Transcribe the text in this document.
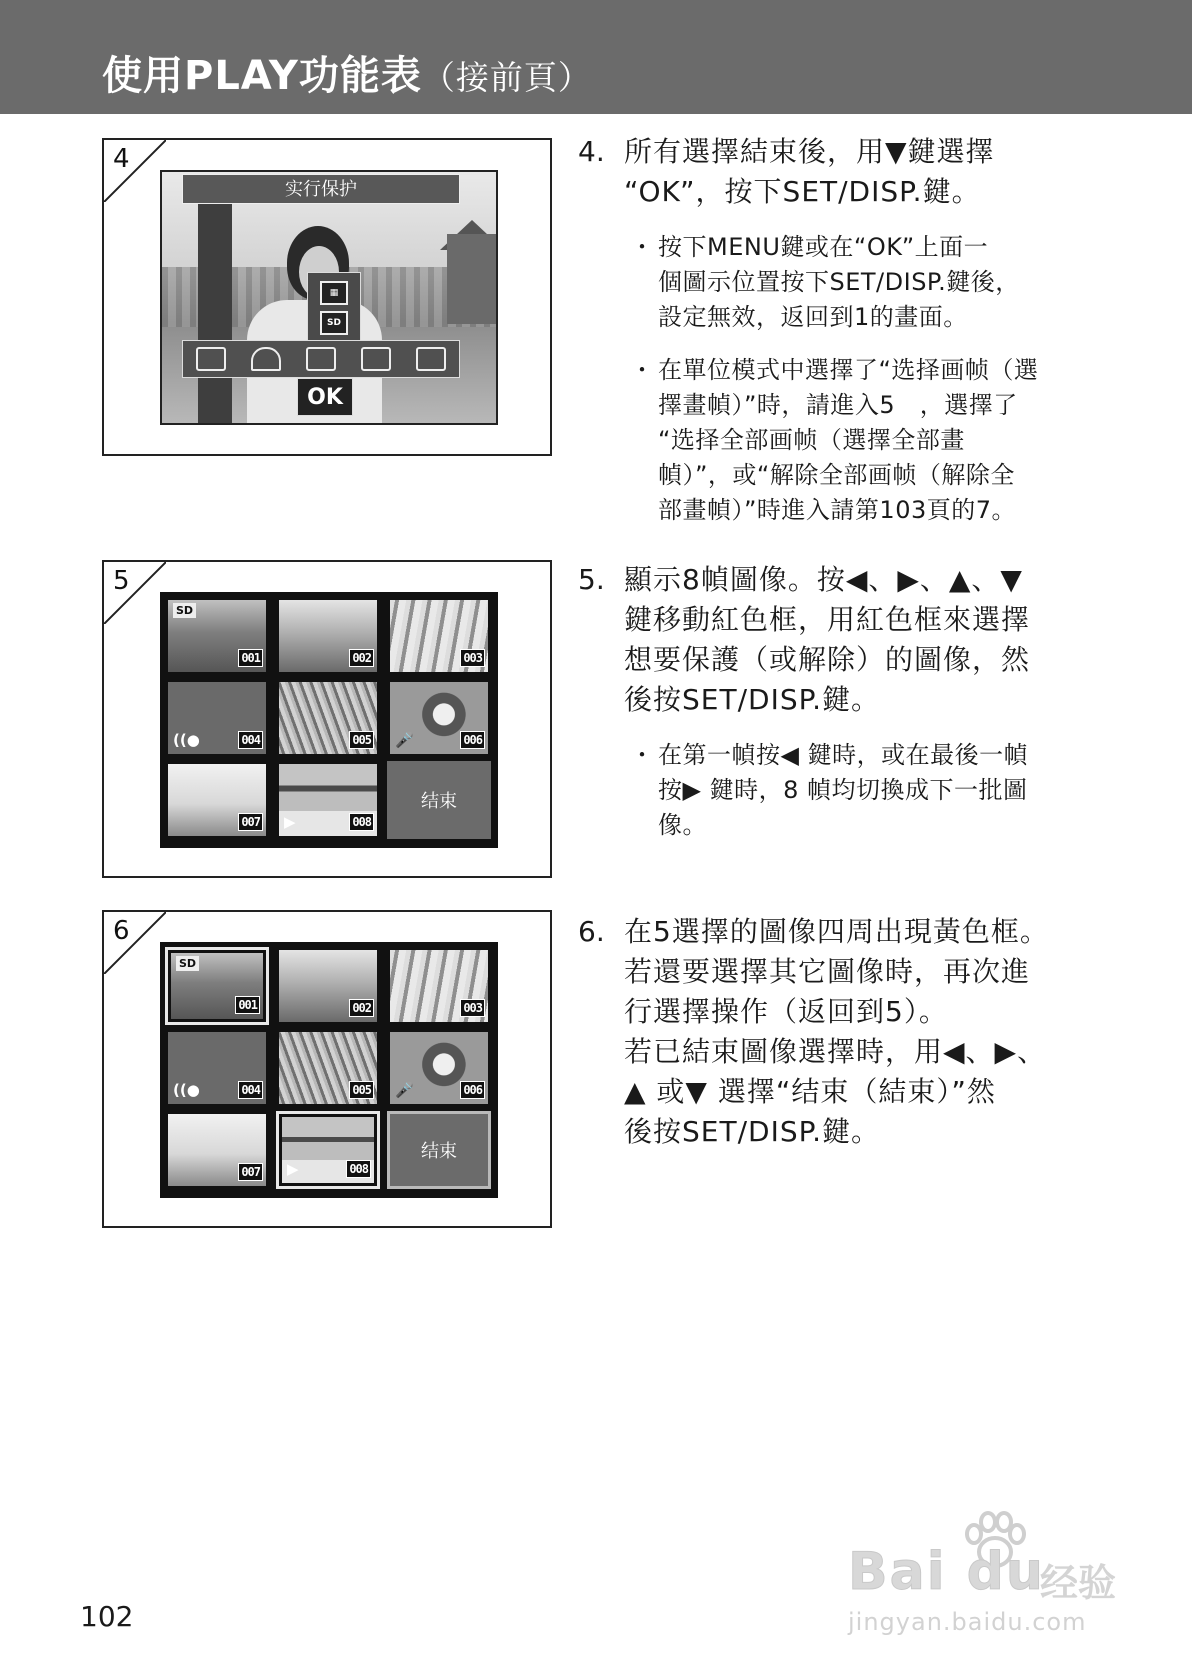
使用PLAY功能表（接前頁）
4
实行保护
▦
SD
OK
5
SD
001	002	003
((●	004	005 🎤	006
007 ▶	008
结束
6
SD
001	002	003
((●	004	005 🎤	006
007 ▶	008
结束
4. 所有選擇結束後，用▼鍵選擇
“OK”，按下SET/DISP.鍵。
・ 按下MENU鍵或在“OK”上面一
個圖示位置按下SET/DISP.鍵後，
設定無效，返回到1的畫面。
・ 在單位模式中選擇了“选择画帧（選
擇畫幀）”時，請進入5　，選擇了
“选择全部画帧（選擇全部畫
幀）”，或“解除全部画帧（解除全
部畫幀）”時進入請第103頁的7。
5. 顯示8幀圖像。按◀、▶、▲、▼
鍵移動紅色框，用紅色框來選擇
想要保護（或解除）的圖像，然
後按SET/DISP.鍵。
・ 在第一幀按◀ 鍵時，或在最後一幀
按▶ 鍵時，8 幀均切換成下一批圖
像。
6. 在5選擇的圖像四周出現黃色框。
若還要選擇其它圖像時，再次進
行選擇操作（返回到5）。
若已結束圖像選擇時，用◀、▶、
▲ 或▼ 選擇“结束（結束）”然
後按SET/DISP.鍵。
102
Bai du
经验
jingyan.baidu.com
